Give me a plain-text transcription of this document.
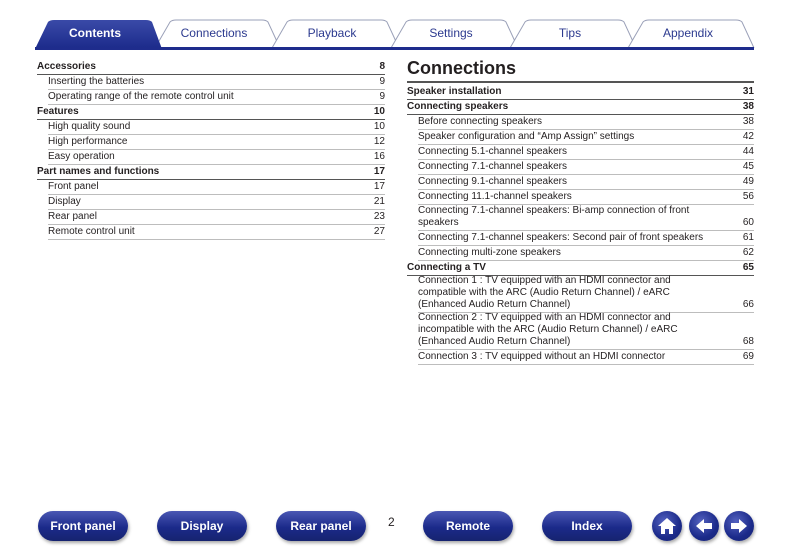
Contents	Connections	Playback	Settings	Tips	Appendix
Accessories	8
Inserting the batteries	9
Operating range of the remote control unit	9
Features	10
High quality sound	10
High performance	12
Easy operation	16
Part names and functions	17
Front panel	17
Display	21
Rear panel	23
Remote control unit	27
Connections
Speaker installation	31
Connecting speakers	38
Before connecting speakers	38
Speaker configuration and “Amp Assign” settings	42
Connecting 5.1-channel speakers	44
Connecting 7.1-channel speakers	45
Connecting 9.1-channel speakers	49
Connecting 11.1-channel speakers	56
Connecting 7.1-channel speakers: Bi-amp connection of front
speakers	60
Connecting 7.1-channel speakers: Second pair of front speakers	61
Connecting multi-zone speakers	62
Connecting a TV	65
Connection 1 : TV equipped with an HDMI connector and
compatible with the ARC (Audio Return Channel) / eARC
(Enhanced Audio Return Channel)	66
Connection 2 : TV equipped with an HDMI connector and
incompatible with the ARC (Audio Return Channel) / eARC
(Enhanced Audio Return Channel)	68
Connection 3 : TV equipped without an HDMI connector	69
Front panel	Display	Rear panel	2	Remote	Index
